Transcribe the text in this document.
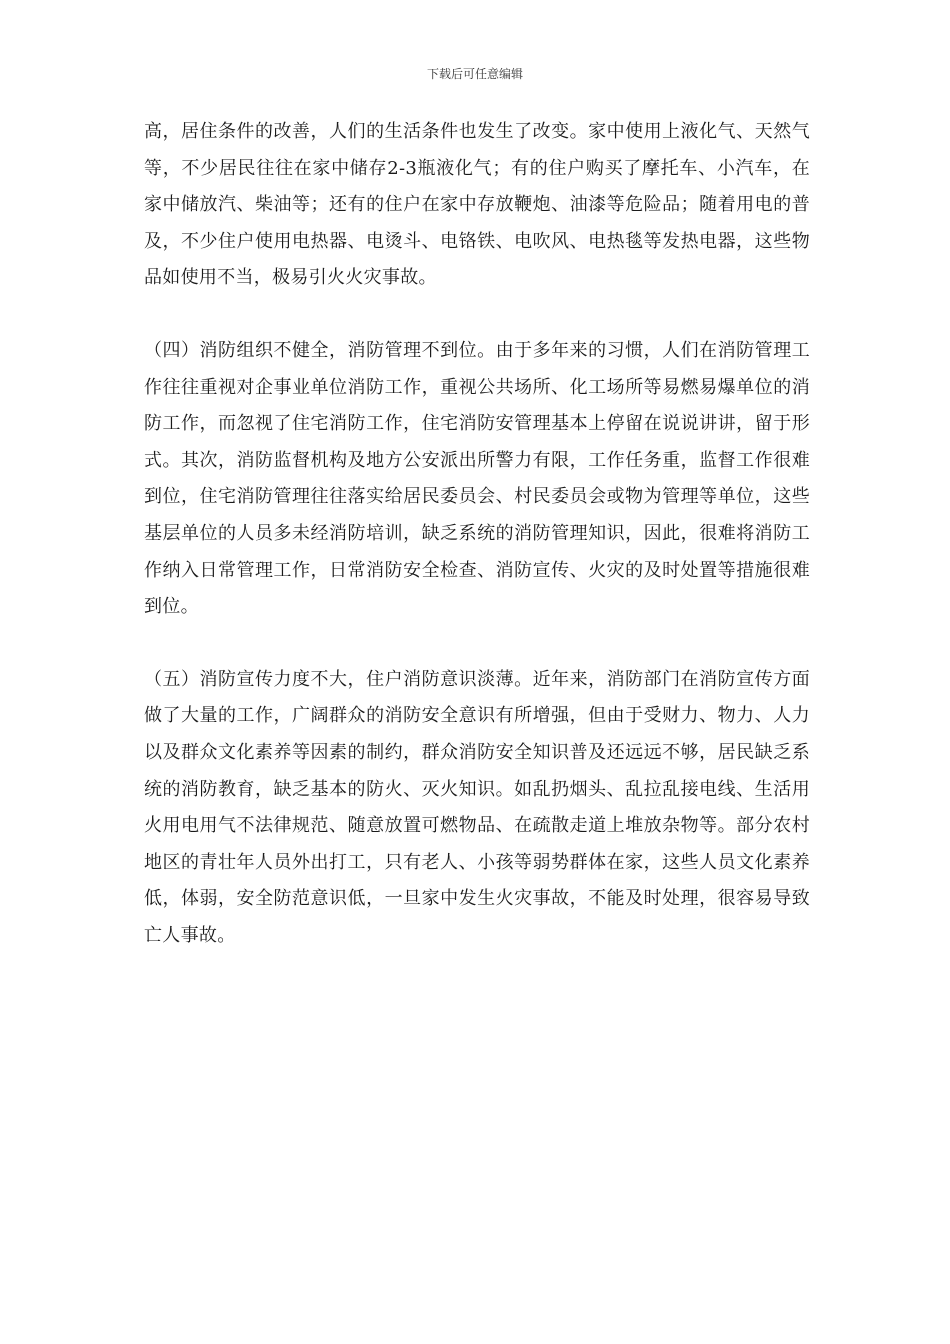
下载后可任意编辑

高，居住条件的改善，人们的生活条件也发生了改变。家中使用上液化气、天然气等，不少居民往往在家中储存2-3瓶液化气；有的住户购买了摩托车、小汽车，在家中储放汽、柴油等；还有的住户在家中存放鞭炮、油漆等危险品；随着用电的普及，不少住户使用电热器、电烫斗、电铬铁、电吹风、电热毯等发热电器，这些物品如使用不当，极易引火火灾事故。

（四）消防组织不健全，消防管理不到位。由于多年来的习惯，人们在消防管理工作往往重视对企事业单位消防工作，重视公共场所、化工场所等易燃易爆单位的消防工作，而忽视了住宅消防工作，住宅消防安管理基本上停留在说说讲讲，留于形式。其次，消防监督机构及地方公安派出所警力有限，工作任务重，监督工作很难到位，住宅消防管理往往落实给居民委员会、村民委员会或物为管理等单位，这些基层单位的人员多未经消防培训，缺乏系统的消防管理知识，因此，很难将消防工作纳入日常管理工作，日常消防安全检查、消防宣传、火灾的及时处置等措施很难到位。

（五）消防宣传力度不大，住户消防意识淡薄。近年来，消防部门在消防宣传方面做了大量的工作，广阔群众的消防安全意识有所增强，但由于受财力、物力、人力以及群众文化素养等因素的制约，群众消防安全知识普及还远远不够，居民缺乏系统的消防教育，缺乏基本的防火、灭火知识。如乱扔烟头、乱拉乱接电线、生活用火用电用气不法律规范、随意放置可燃物品、在疏散走道上堆放杂物等。部分农村地区的青壮年人员外出打工，只有老人、小孩等弱势群体在家，这些人员文化素养低，体弱，安全防范意识低，一旦家中发生火灾事故，不能及时处理，很容易导致亡人事故。
